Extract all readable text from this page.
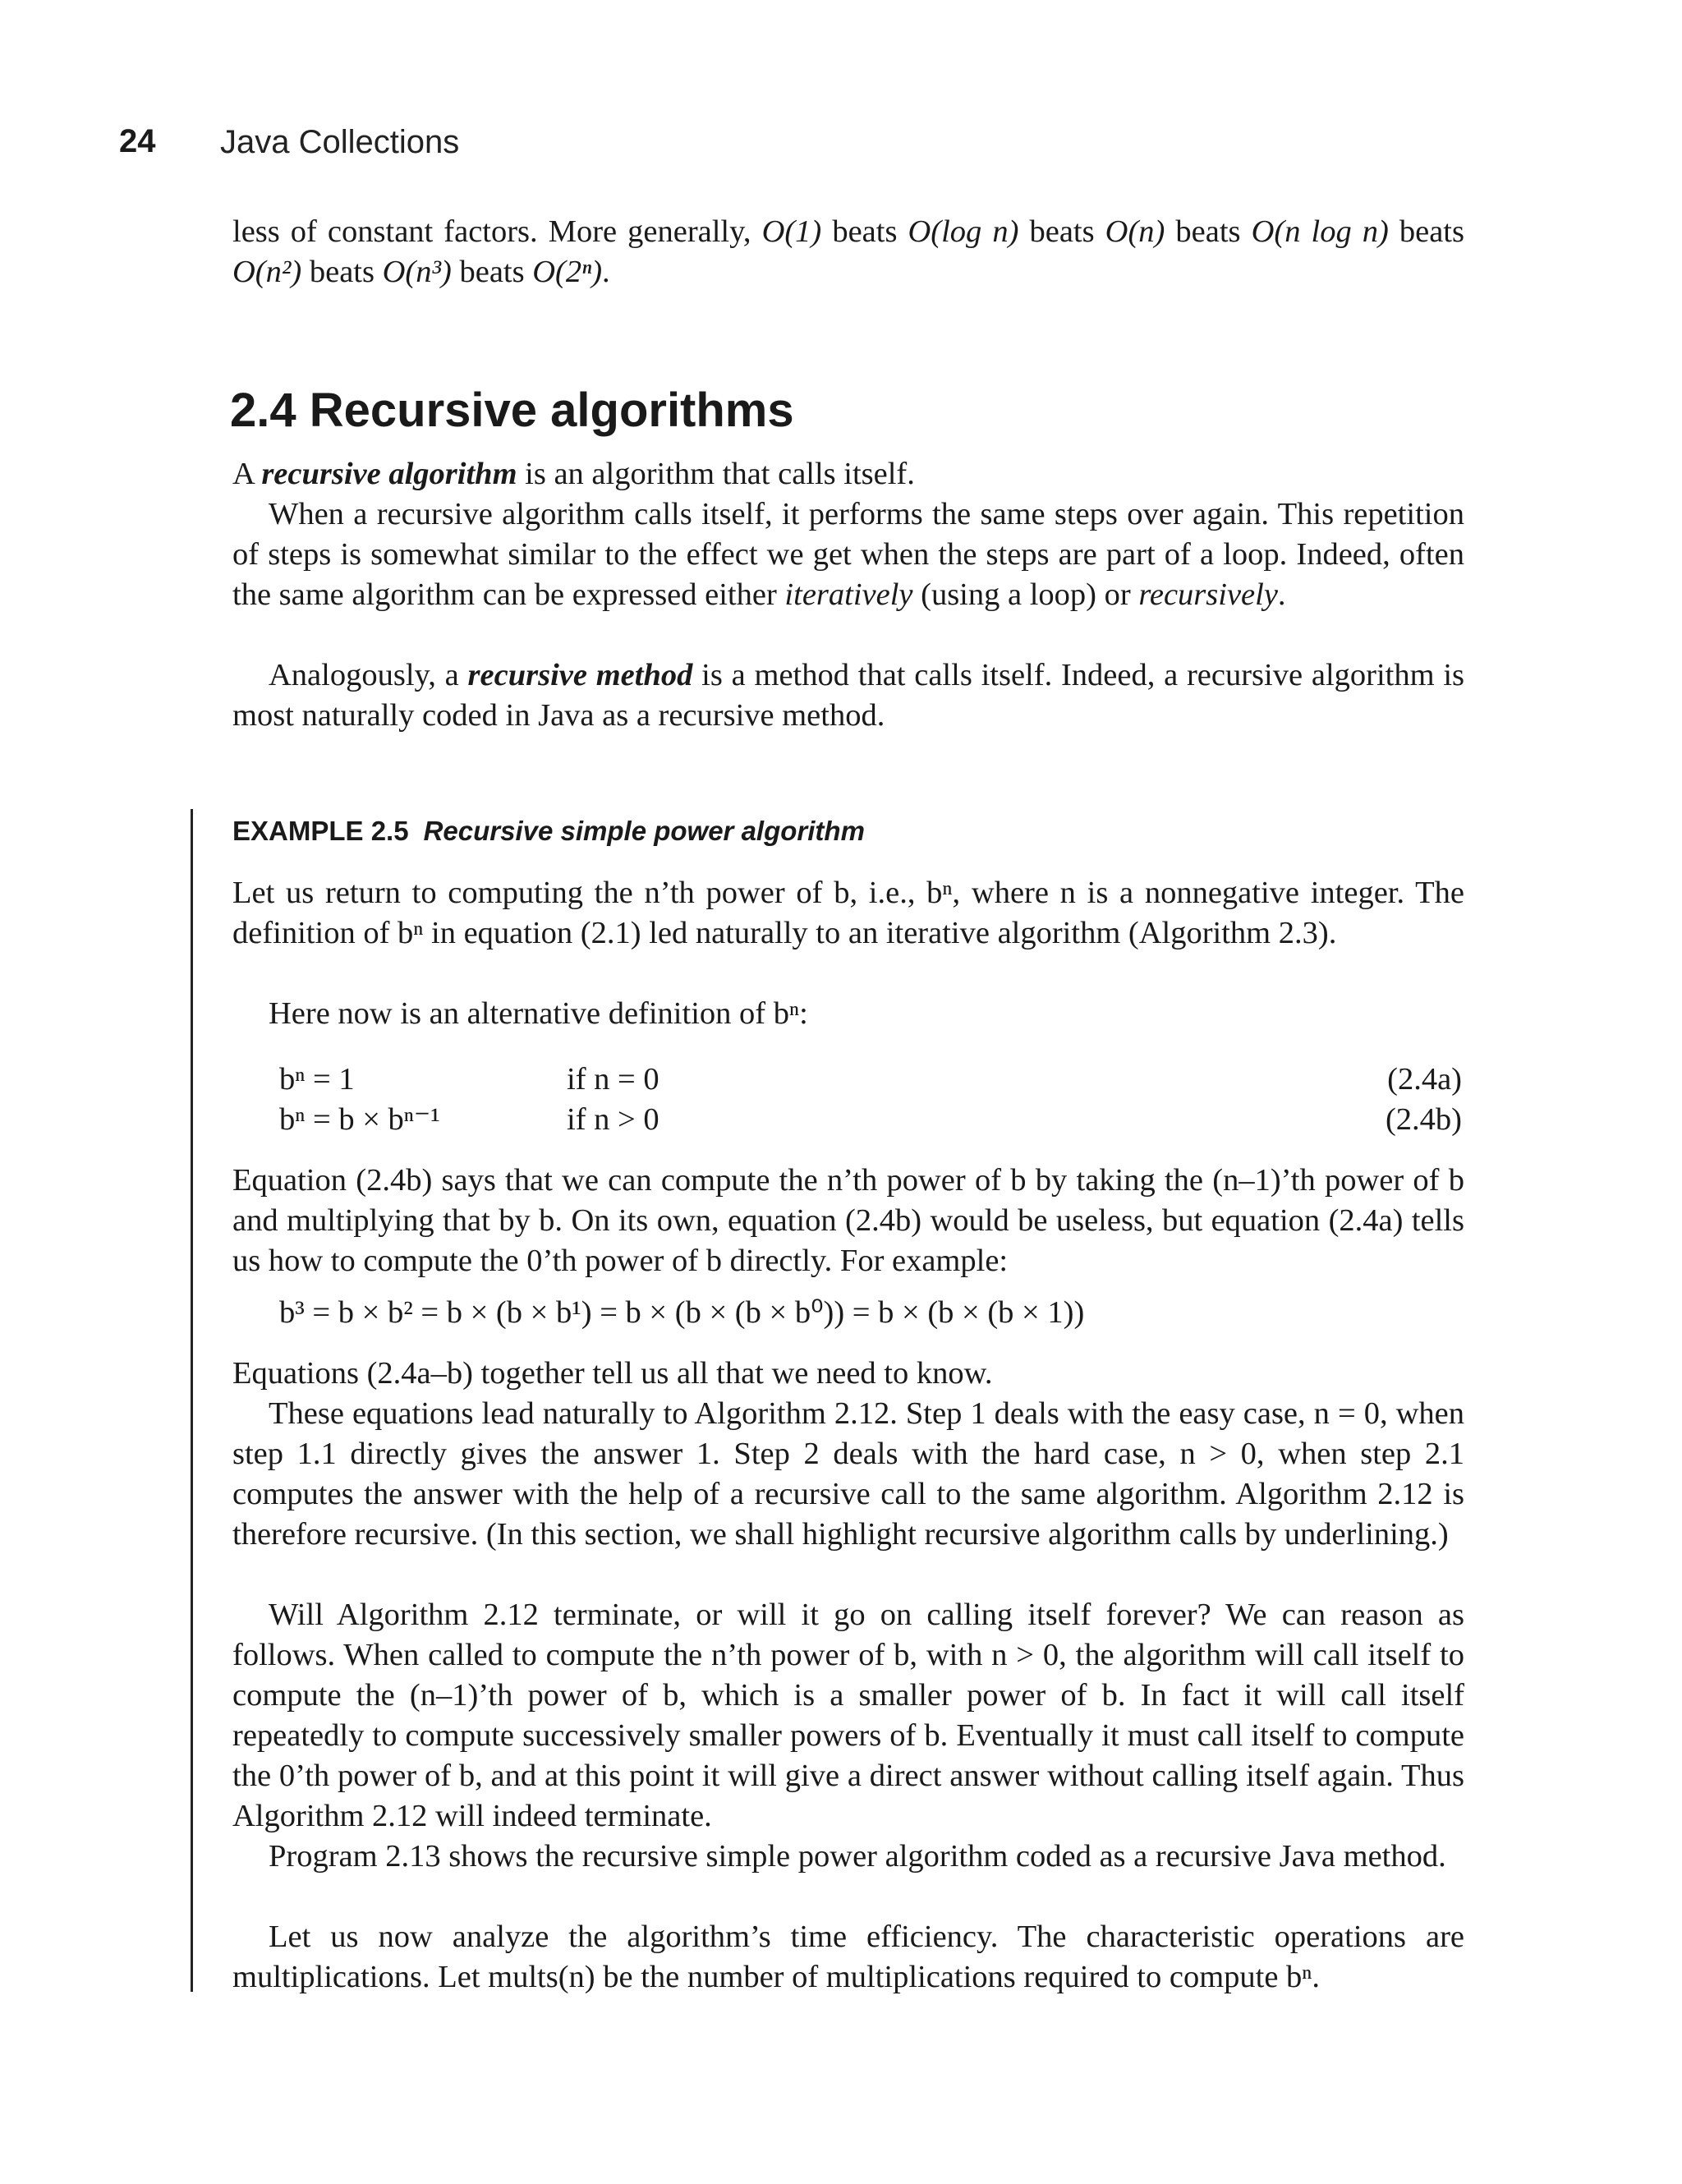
24 Java Collections

less of constant factors. More generally, O(1) beats O(log n) beats O(n) beats O(n log n) beats O(n²) beats O(n³) beats O(2ⁿ).

2.4 Recursive algorithms

A recursive algorithm is an algorithm that calls itself.

When a recursive algorithm calls itself, it performs the same steps over again. This repetition of steps is somewhat similar to the effect we get when the steps are part of a loop. Indeed, often the same algorithm can be expressed either iteratively (using a loop) or recursively.

Analogously, a recursive method is a method that calls itself. Indeed, a recursive algorithm is most naturally coded in Java as a recursive method.

EXAMPLE 2.5 Recursive simple power algorithm

Let us return to computing the n’th power of b, i.e., bⁿ, where n is a nonnegative integer. The definition of bⁿ in equation (2.1) led naturally to an iterative algorithm (Algorithm 2.3).

Here now is an alternative definition of bⁿ:

bⁿ = 1	if n = 0	(2.4a)
bⁿ = b × bⁿ⁻¹	if n > 0	(2.4b)

Equation (2.4b) says that we can compute the n’th power of b by taking the (n–1)’th power of b and multiplying that by b. On its own, equation (2.4b) would be useless, but equation (2.4a) tells us how to compute the 0’th power of b directly. For example:

b³ = b × b² = b × (b × b¹) = b × (b × (b × b⁰)) = b × (b × (b × 1))

Equations (2.4a–b) together tell us all that we need to know.

These equations lead naturally to Algorithm 2.12. Step 1 deals with the easy case, n = 0, when step 1.1 directly gives the answer 1. Step 2 deals with the hard case, n > 0, when step 2.1 computes the answer with the help of a recursive call to the same algorithm. Algorithm 2.12 is therefore recursive. (In this section, we shall highlight recursive algorithm calls by underlining.)

Will Algorithm 2.12 terminate, or will it go on calling itself forever? We can reason as follows. When called to compute the n’th power of b, with n > 0, the algorithm will call itself to compute the (n–1)’th power of b, which is a smaller power of b. In fact it will call itself repeatedly to compute successively smaller powers of b. Eventually it must call itself to compute the 0’th power of b, and at this point it will give a direct answer without calling itself again. Thus Algorithm 2.12 will indeed terminate.

Program 2.13 shows the recursive simple power algorithm coded as a recursive Java method.

Let us now analyze the algorithm’s time efficiency. The characteristic operations are multiplications. Let mults(n) be the number of multiplications required to compute bⁿ.
